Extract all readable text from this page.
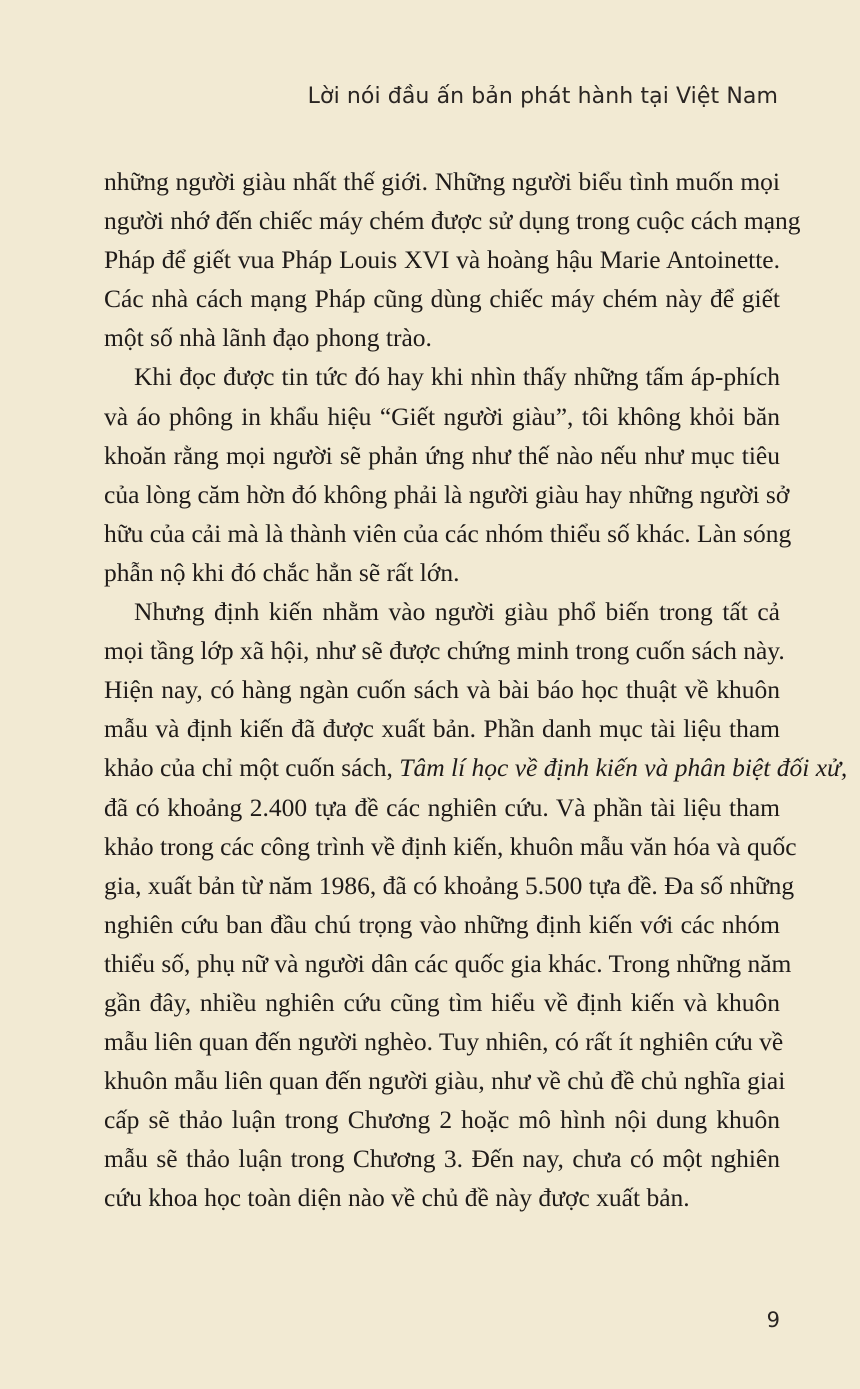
Lời nói đầu ấn bản phát hành tại Việt Nam
những người giàu nhất thế giới. Những người biểu tình muốn mọi
người nhớ đến chiếc máy chém được sử dụng trong cuộc cách mạng
Pháp để giết vua Pháp Louis XVI và hoàng hậu Marie Antoinette.
Các nhà cách mạng Pháp cũng dùng chiếc máy chém này để giết
một số nhà lãnh đạo phong trào.
Khi đọc được tin tức đó hay khi nhìn thấy những tấm áp-phích
và áo phông in khẩu hiệu “Giết người giàu”, tôi không khỏi băn
khoăn rằng mọi người sẽ phản ứng như thế nào nếu như mục tiêu
của lòng căm hờn đó không phải là người giàu hay những người sở
hữu của cải mà là thành viên của các nhóm thiểu số khác. Làn sóng
phẫn nộ khi đó chắc hẳn sẽ rất lớn.
Nhưng định kiến nhằm vào người giàu phổ biến trong tất cả
mọi tầng lớp xã hội, như sẽ được chứng minh trong cuốn sách này.
Hiện nay, có hàng ngàn cuốn sách và bài báo học thuật về khuôn
mẫu và định kiến đã được xuất bản. Phần danh mục tài liệu tham
khảo của chỉ một cuốn sách, Tâm lí học về định kiến và phân biệt đối xử,
đã có khoảng 2.400 tựa đề các nghiên cứu. Và phần tài liệu tham
khảo trong các công trình về định kiến, khuôn mẫu văn hóa và quốc
gia, xuất bản từ năm 1986, đã có khoảng 5.500 tựa đề. Đa số những
nghiên cứu ban đầu chú trọng vào những định kiến với các nhóm
thiểu số, phụ nữ và người dân các quốc gia khác. Trong những năm
gần đây, nhiều nghiên cứu cũng tìm hiểu về định kiến và khuôn
mẫu liên quan đến người nghèo. Tuy nhiên, có rất ít nghiên cứu về
khuôn mẫu liên quan đến người giàu, như về chủ đề chủ nghĩa giai
cấp sẽ thảo luận trong Chương 2 hoặc mô hình nội dung khuôn
mẫu sẽ thảo luận trong Chương 3. Đến nay, chưa có một nghiên
cứu khoa học toàn diện nào về chủ đề này được xuất bản.
9
